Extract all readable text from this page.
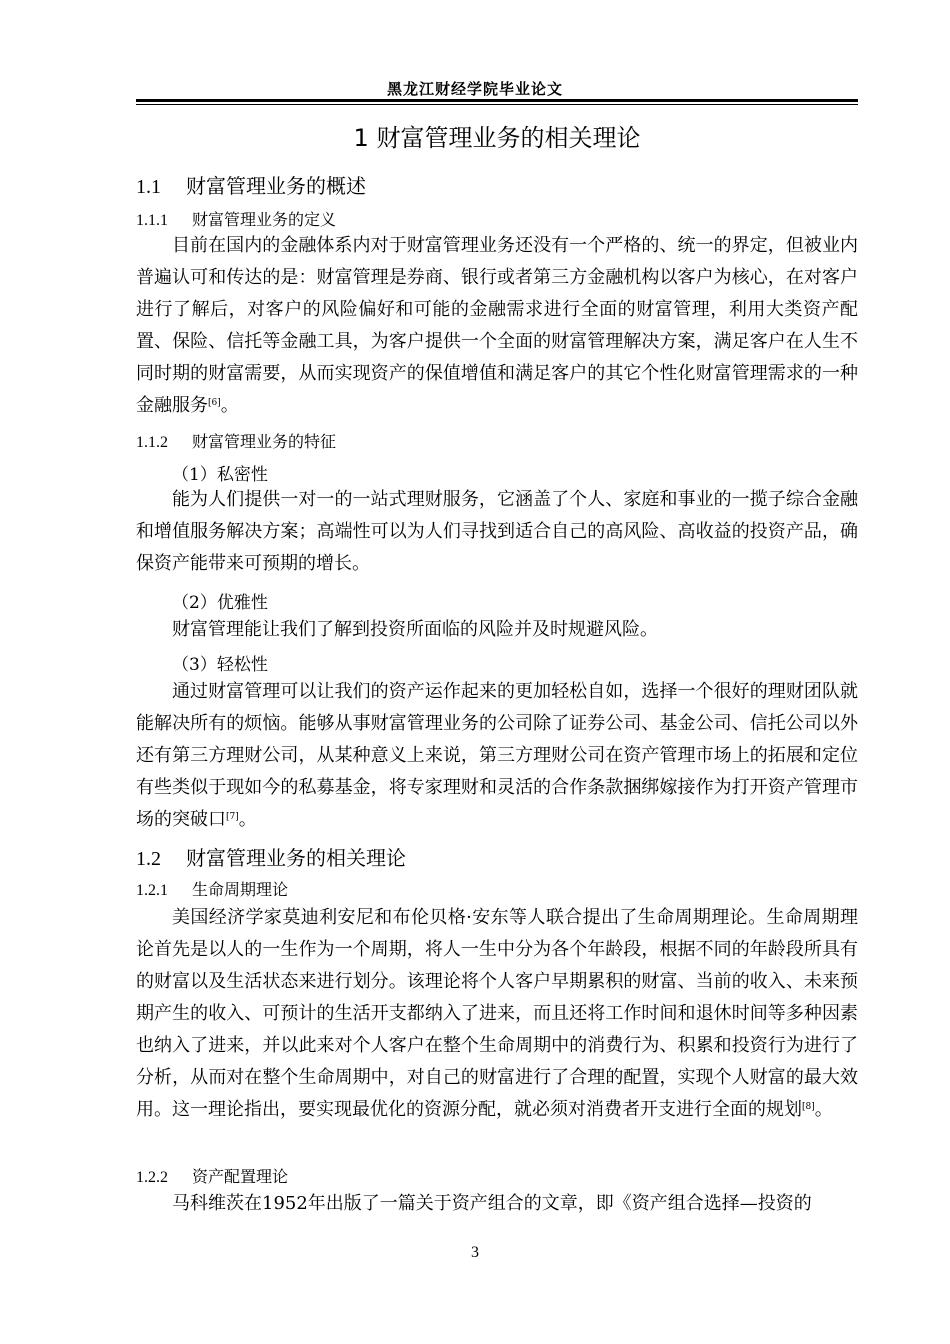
黑龙江财经学院毕业论文
1 财富管理业务的相关理论
1.1 财富管理业务的概述
1.1.1 财富管理业务的定义
目前在国内的金融体系内对于财富管理业务还没有一个严格的、统一的界定，但被业内普遍认可和传达的是：财富管理是券商、银行或者第三方金融机构以客户为核心，在对客户进行了解后，对客户的风险偏好和可能的金融需求进行全面的财富管理，利用大类资产配置、保险、信托等金融工具，为客户提供一个全面的财富管理解决方案，满足客户在人生不同时期的财富需要，从而实现资产的保值增值和满足客户的其它个性化财富管理需求的一种金融服务[6]。
1.1.2 财富管理业务的特征
（1）私密性
能为人们提供一对一的一站式理财服务，它涵盖了个人、家庭和事业的一揽子综合金融和增值服务解决方案；高端性可以为人们寻找到适合自己的高风险、高收益的投资产品，确保资产能带来可预期的增长。
（2）优雅性
财富管理能让我们了解到投资所面临的风险并及时规避风险。
（3）轻松性
通过财富管理可以让我们的资产运作起来的更加轻松自如，选择一个很好的理财团队就能解决所有的烦恼。能够从事财富管理业务的公司除了证券公司、基金公司、信托公司以外还有第三方理财公司，从某种意义上来说，第三方理财公司在资产管理市场上的拓展和定位有些类似于现如今的私募基金，将专家理财和灵活的合作条款捆绑嫁接作为打开资产管理市场的突破口[7]。
1.2 财富管理业务的相关理论
1.2.1 生命周期理论
美国经济学家莫迪利安尼和布伦贝格·安东等人联合提出了生命周期理论。生命周期理论首先是以人的一生作为一个周期，将人一生中分为各个年龄段，根据不同的年龄段所具有的财富以及生活状态来进行划分。该理论将个人客户早期累积的财富、当前的收入、未来预期产生的收入、可预计的生活开支都纳入了进来，而且还将工作时间和退休时间等多种因素也纳入了进来，并以此来对个人客户在整个生命周期中的消费行为、积累和投资行为进行了分析，从而对在整个生命周期中，对自己的财富进行了合理的配置，实现个人财富的最大效用。这一理论指出，要实现最优化的资源分配，就必须对消费者开支进行全面的规划[8]。
1.2.2 资产配置理论
马科维茨在1952年出版了一篇关于资产组合的文章，即《资产组合选择—投资的
3
